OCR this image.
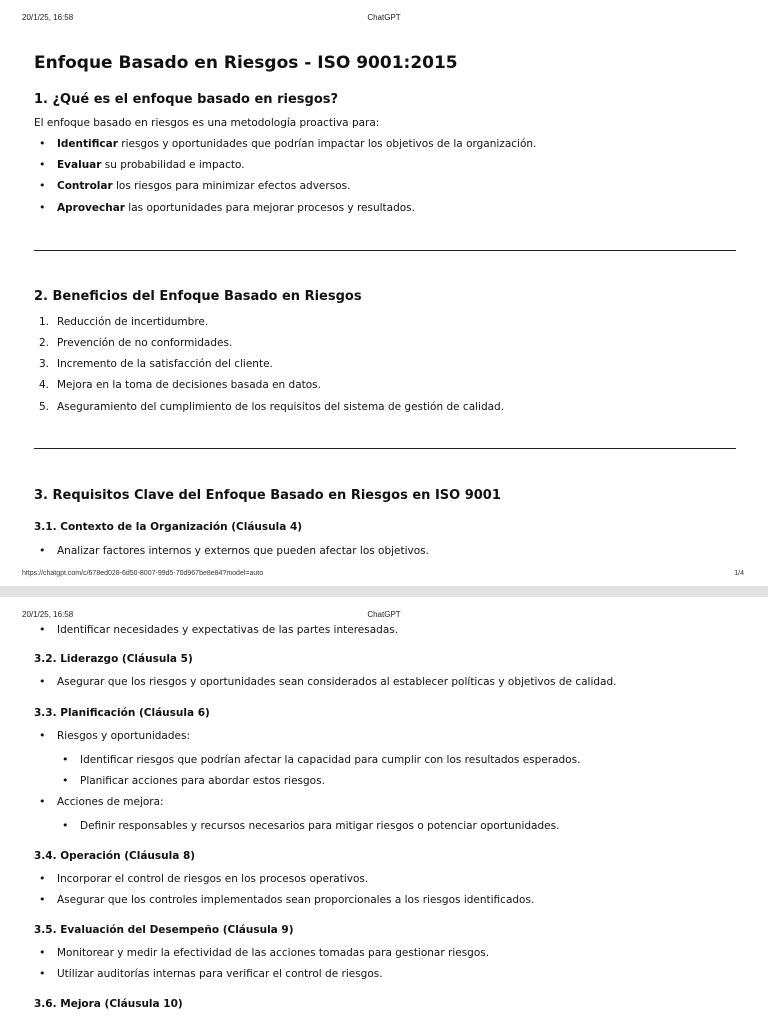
20/1/25, 16:58	ChatGPT
Enfoque Basado en Riesgos - ISO 9001:2015
1. ¿Qué es el enfoque basado en riesgos?
El enfoque basado en riesgos es una metodología proactiva para:
• Identificar riesgos y oportunidades que podrían impactar los objetivos de la organización.
• Evaluar su probabilidad e impacto.
• Controlar los riesgos para minimizar efectos adversos.
• Aprovechar las oportunidades para mejorar procesos y resultados.
2. Beneficios del Enfoque Basado en Riesgos
1. Reducción de incertidumbre.
2. Prevención de no conformidades.
3. Incremento de la satisfacción del cliente.
4. Mejora en la toma de decisiones basada en datos.
5. Aseguramiento del cumplimiento de los requisitos del sistema de gestión de calidad.
3. Requisitos Clave del Enfoque Basado en Riesgos en ISO 9001
3.1. Contexto de la Organización (Cláusula 4)
• Analizar factores internos y externos que pueden afectar los objetivos.
https://chatgpt.com/c/678ed028-6d50-8007-99d5-70d967be8e84?model=auto	1/4
20/1/25, 16:58	ChatGPT
• Identificar necesidades y expectativas de las partes interesadas.
3.2. Liderazgo (Cláusula 5)
• Asegurar que los riesgos y oportunidades sean considerados al establecer políticas y objetivos de calidad.
3.3. Planificación (Cláusula 6)
• Riesgos y oportunidades:
• Identificar riesgos que podrían afectar la capacidad para cumplir con los resultados esperados.
• Planificar acciones para abordar estos riesgos.
• Acciones de mejora:
• Definir responsables y recursos necesarios para mitigar riesgos o potenciar oportunidades.
3.4. Operación (Cláusula 8)
• Incorporar el control de riesgos en los procesos operativos.
• Asegurar que los controles implementados sean proporcionales a los riesgos identificados.
3.5. Evaluación del Desempeño (Cláusula 9)
• Monitorear y medir la efectividad de las acciones tomadas para gestionar riesgos.
• Utilizar auditorías internas para verificar el control de riesgos.
3.6. Mejora (Cláusula 10)
